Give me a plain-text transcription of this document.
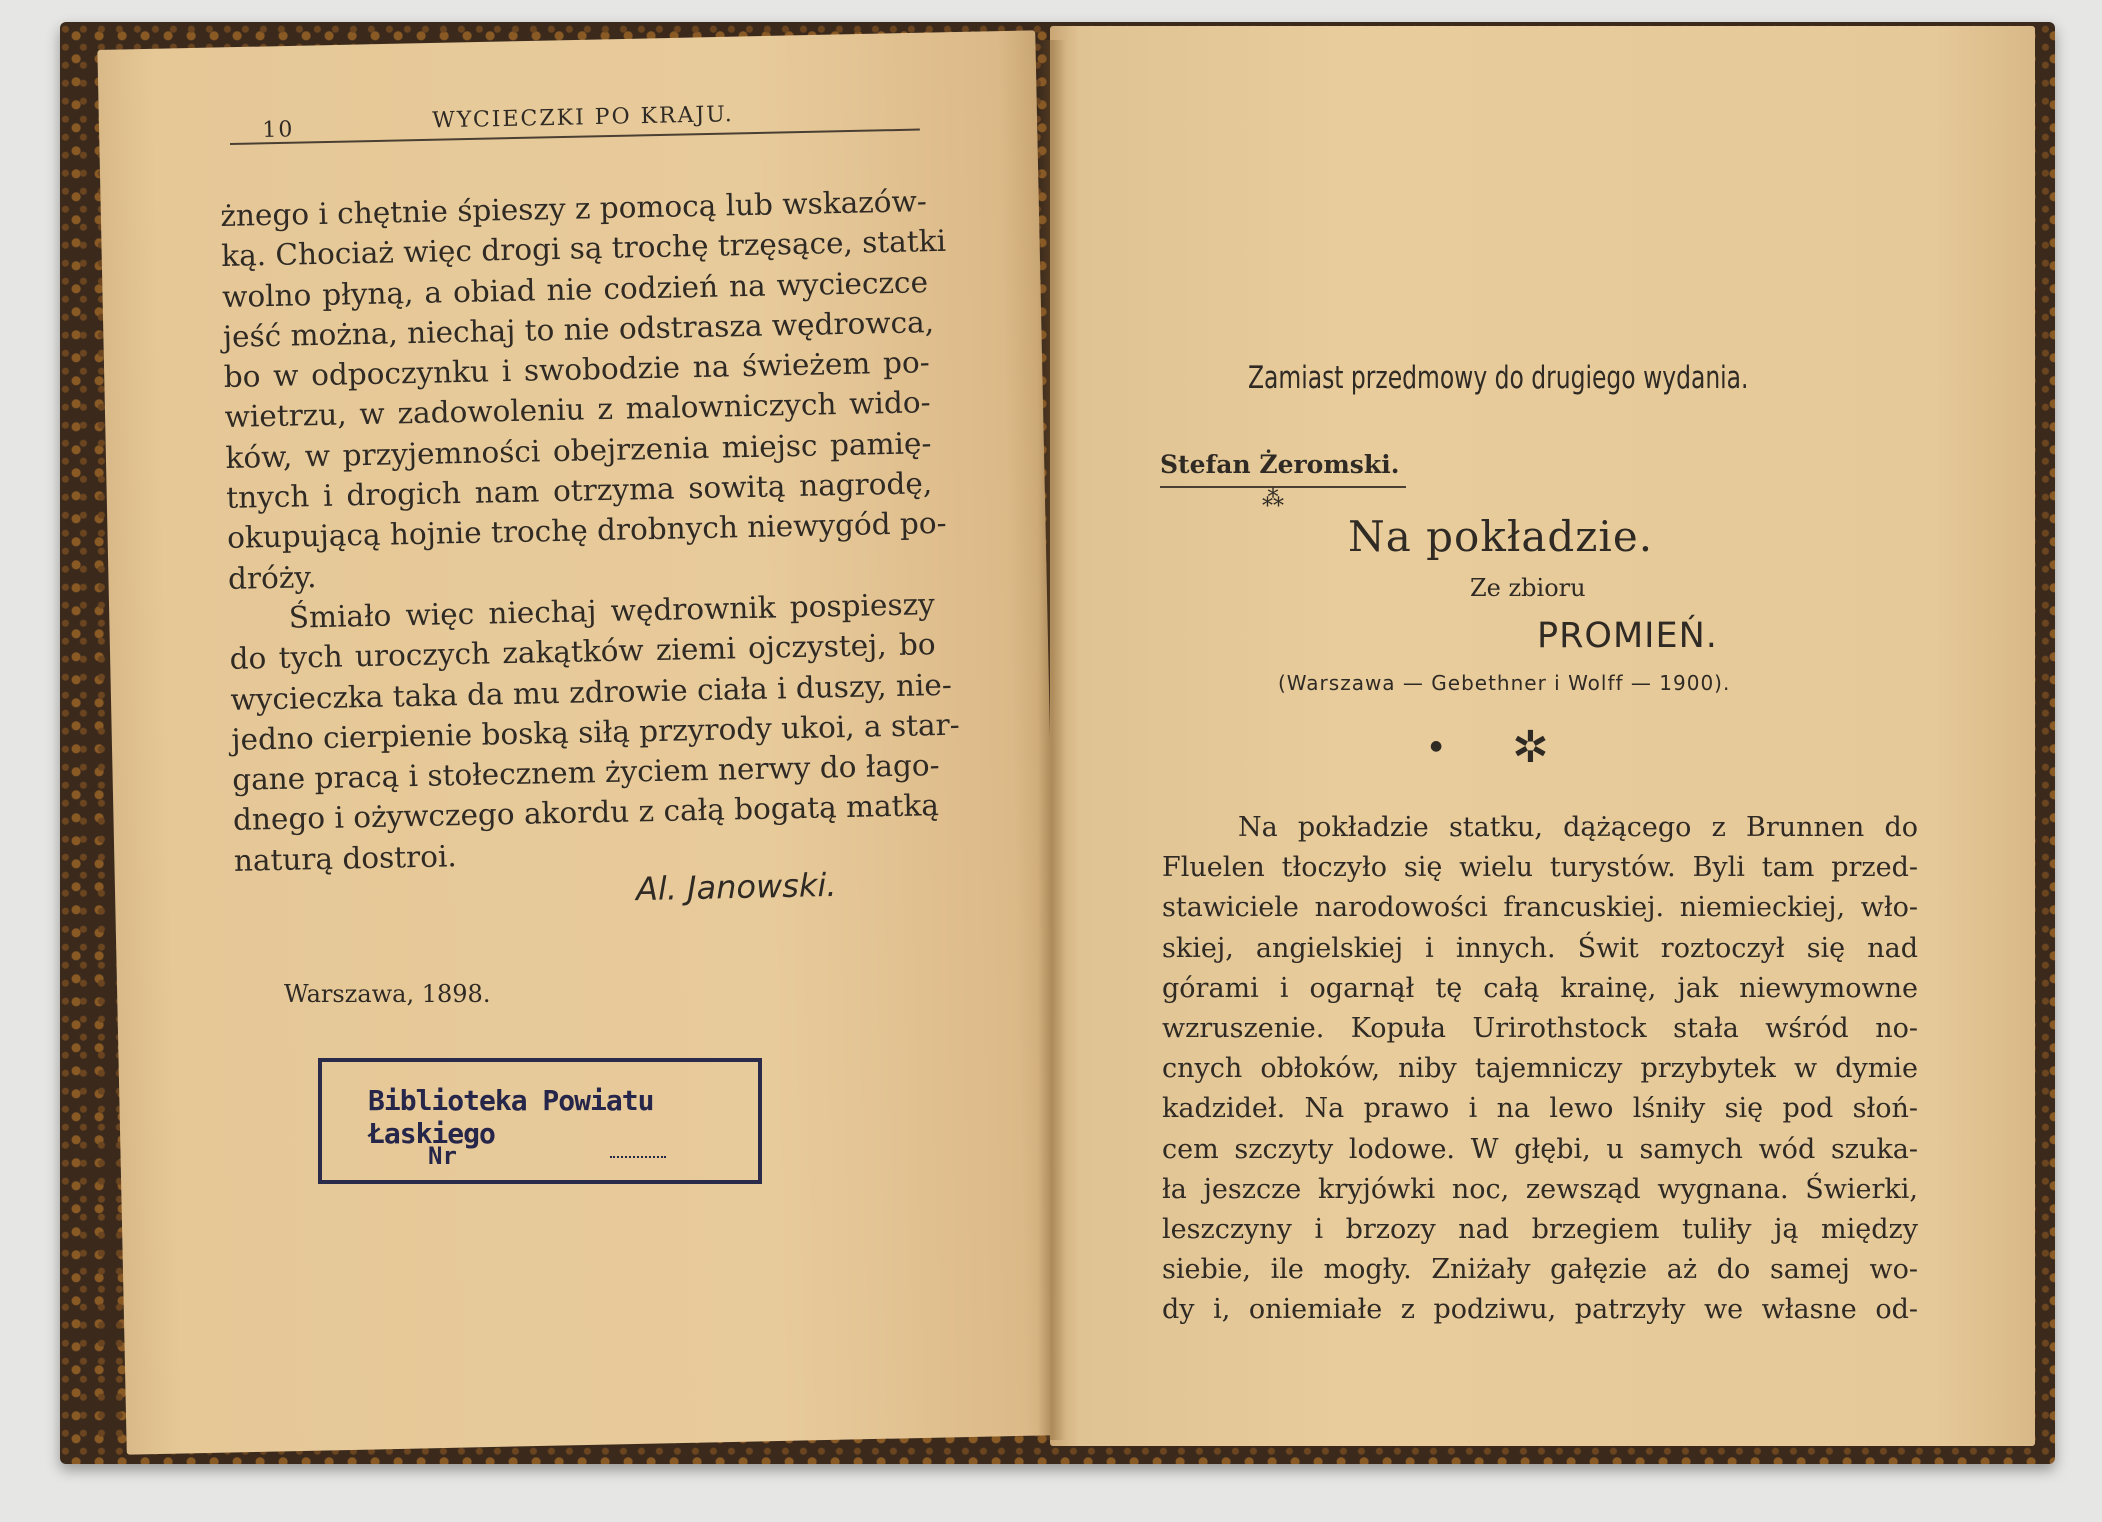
10	WYCIECZKI PO KRAJU.
żnego i chętnie śpieszy z pomocą lub wskazów-
ką. Chociaż więc drogi są trochę trzęsące, statki
wolno płyną, a obiad nie codzień na wycieczce
jeść można, niechaj to nie odstrasza wędrowca,
bo w odpoczynku i swobodzie na świeżem po-
wietrzu, w zadowoleniu z malowniczych wido-
ków, w przyjemności obejrzenia miejsc pamię-
tnych i drogich nam otrzyma sowitą nagrodę,
okupującą hojnie trochę drobnych niewygód po-
dróży.
Śmiało więc niechaj wędrownik pospieszy
do tych uroczych zakątków ziemi ojczystej, bo
wycieczka taka da mu zdrowie ciała i duszy, nie-
jedno cierpienie boską siłą przyrody ukoi, a star-
gane pracą i stołecznem życiem nerwy do łago-
dnego i ożywczego akordu z całą bogatą matką
naturą dostroi.
Al. Janowski.
Warszawa, 1898.
Biblioteka Powiatu Łaskiego
Nr
Zamiast przedmowy do drugiego wydania.
Stefan Żeromski.
⁂
Na pokładzie.
Ze zbioru
PROMIEŃ.
(Warszawa — Gebethner i Wolff — 1900).
● ✲
Na pokładzie statku, dążącego z Brunnen do
Fluelen tłoczyło się wielu turystów. Byli tam przed-
stawiciele narodowości francuskiej. niemieckiej, wło-
skiej, angielskiej i innych. Świt roztoczył się nad
górami i ogarnął tę całą krainę, jak niewymowne
wzruszenie. Kopuła Urirothstock stała wśród no-
cnych obłoków, niby tajemniczy przybytek w dymie
kadzideł. Na prawo i na lewo lśniły się pod słoń-
cem szczyty lodowe. W głębi, u samych wód szuka-
ła jeszcze kryjówki noc, zewsząd wygnana. Świerki,
leszczyny i brzozy nad brzegiem tuliły ją między
siebie, ile mogły. Zniżały gałęzie aż do samej wo-
dy i, oniemiałe z podziwu, patrzyły we własne od-
